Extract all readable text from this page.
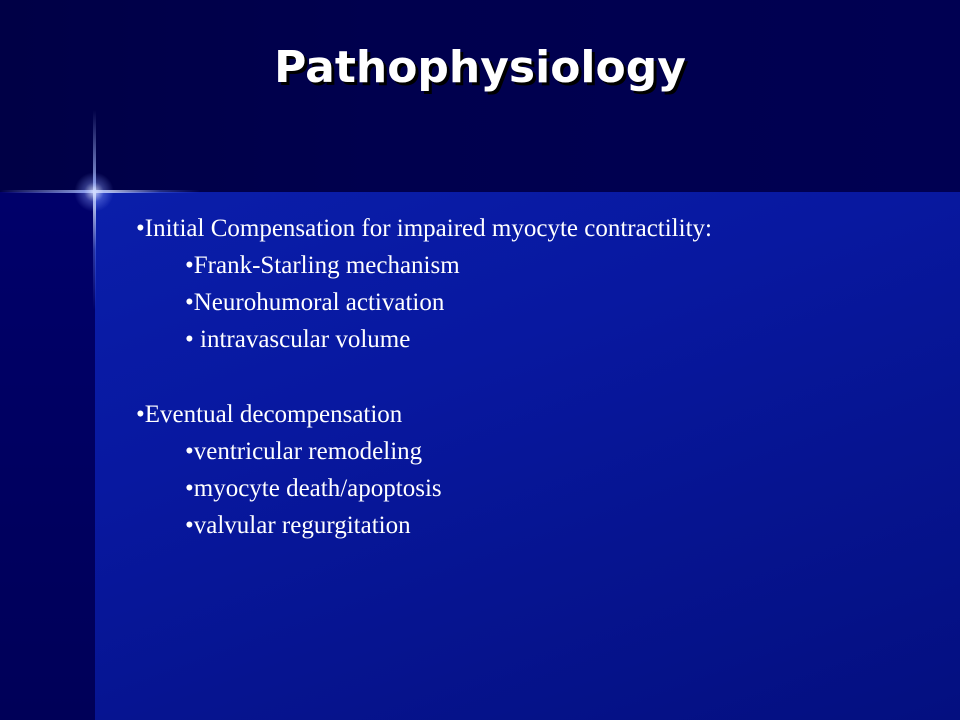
Pathophysiology
•Initial Compensation for impaired myocyte contractility:
•Frank-Starling mechanism
•Neurohumoral activation
• intravascular volume
•Eventual decompensation
•ventricular remodeling
•myocyte death/apoptosis
•valvular regurgitation
